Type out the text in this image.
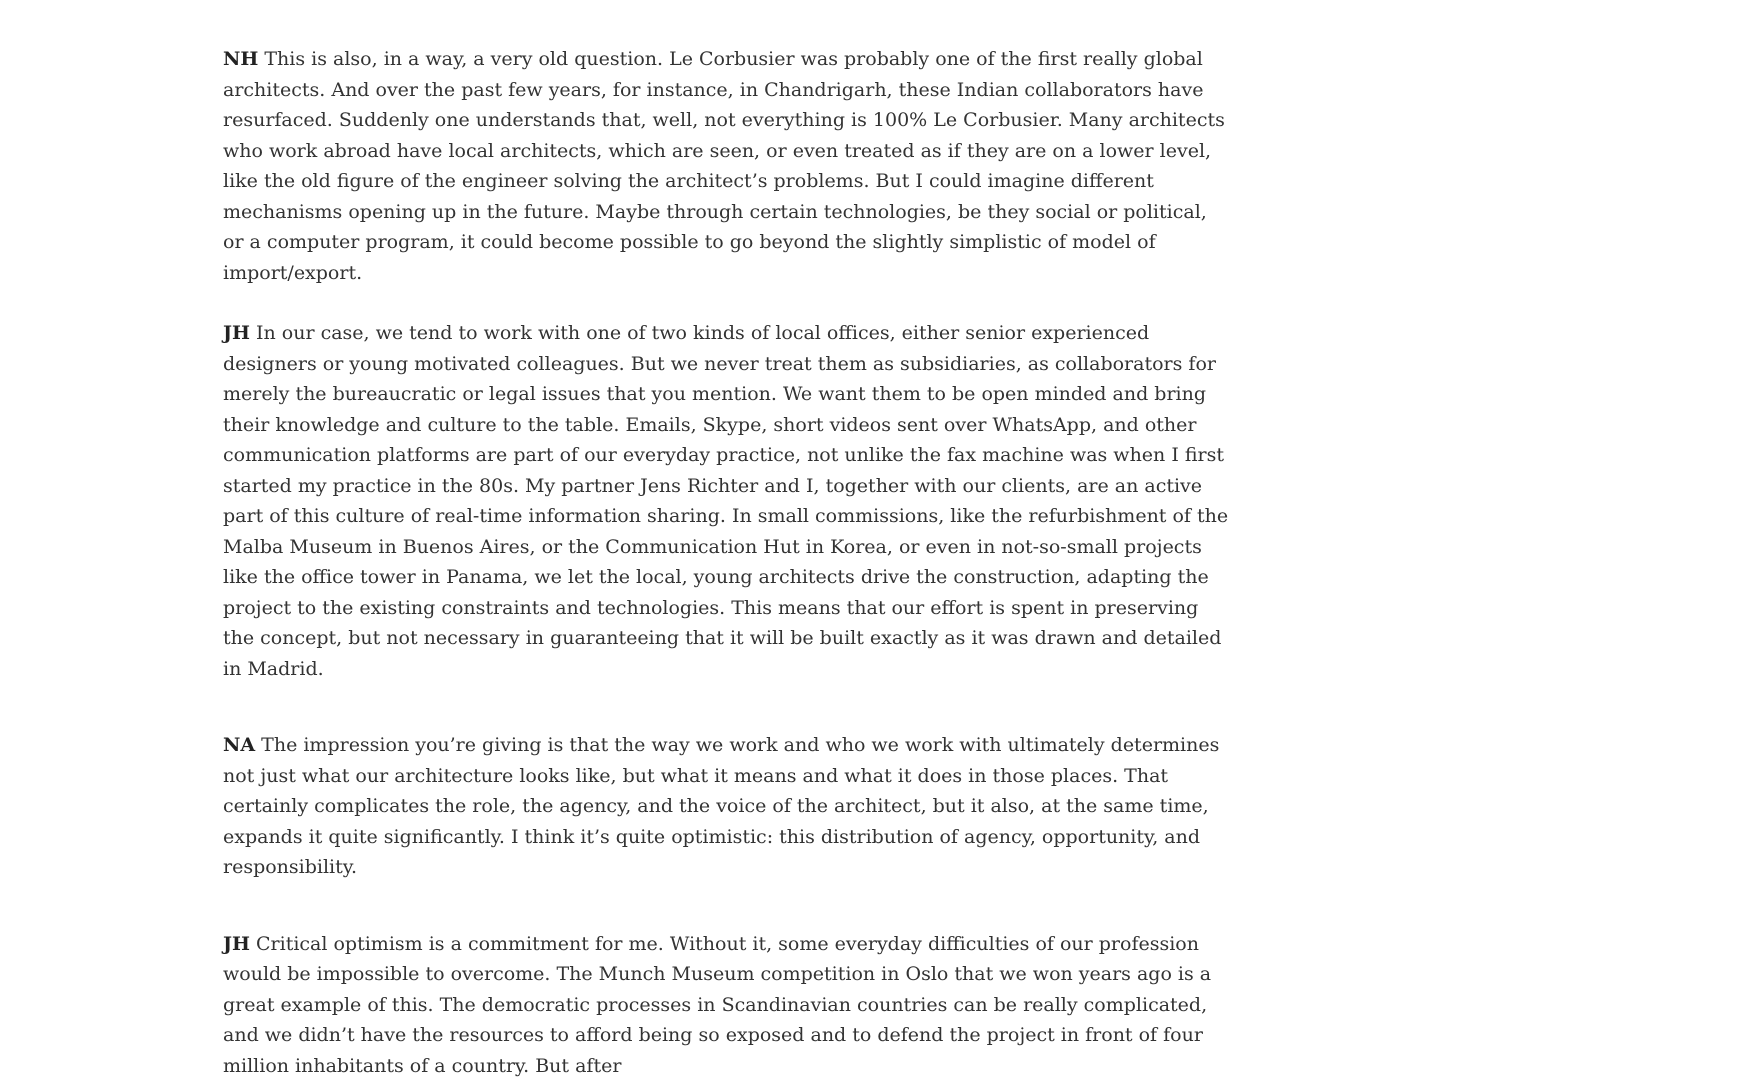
NH This is also, in a way, a very old question. Le Corbusier was probably one of the first really global architects. And over the past few years, for instance, in Chandrigarh, these Indian collaborators have resurfaced. Suddenly one understands that, well, not everything is 100% Le Corbusier. Many architects who work abroad have local architects, which are seen, or even treated as if they are on a lower level, like the old figure of the engineer solving the architect’s problems. But I could imagine different mechanisms opening up in the future. Maybe through certain technologies, be they social or political, or a computer program, it could become possible to go beyond the slightly simplistic of model of import/export.

JH In our case, we tend to work with one of two kinds of local offices, either senior experienced designers or young motivated colleagues. But we never treat them as subsidiaries, as collaborators for merely the bureaucratic or legal issues that you mention. We want them to be open minded and bring their knowledge and culture to the table. Emails, Skype, short videos sent over WhatsApp, and other communication platforms are part of our everyday practice, not unlike the fax machine was when I first started my practice in the 80s. My partner Jens Richter and I, together with our clients, are an active part of this culture of real-time information sharing. In small commissions, like the refurbishment of the Malba Museum in Buenos Aires, or the Communication Hut in Korea, or even in not-so-small projects like the office tower in Panama, we let the local, young architects drive the construction, adapting the project to the existing constraints and technologies. This means that our effort is spent in preserving the concept, but not necessary in guaranteeing that it will be built exactly as it was drawn and detailed in Madrid.

NA The impression you’re giving is that the way we work and who we work with ultimately determines not just what our architecture looks like, but what it means and what it does in those places. That certainly complicates the role, the agency, and the voice of the architect, but it also, at the same time, expands it quite significantly. I think it’s quite optimistic: this distribution of agency, opportunity, and responsibility.

JH Critical optimism is a commitment for me. Without it, some everyday difficulties of our profession would be impossible to overcome. The Munch Museum competition in Oslo that we won years ago is a great example of this. The democratic processes in Scandinavian countries can be really complicated, and we didn’t have the resources to afford being so exposed and to defend the project in front of four million inhabitants of a country. But after
